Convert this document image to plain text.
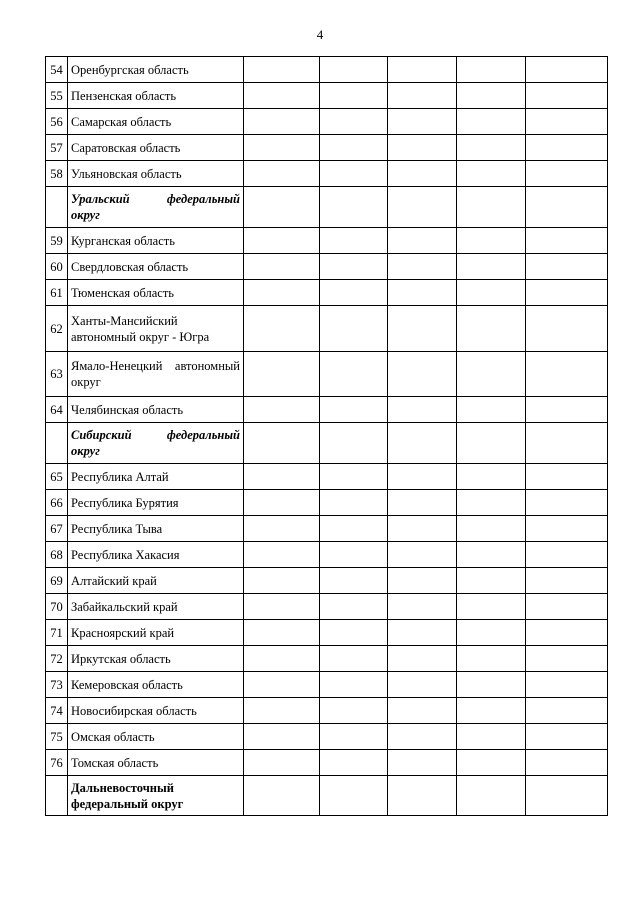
4
54	Оренбургская область					
55	Пензенская область					
56	Самарская область					
57	Саратовская область					
58	Ульяновская область					

	Уральский федеральный
округ					

59	Курганская область					
60	Свердловская область					
61	Тюменская область					
62	Ханты-Мансийский
автономный округ - Югра					

63	Ямало-Ненецкий автономный
округ					

64	Челябинская область					

	Сибирский федеральный
округ					

65	Республика Алтай					
66	Республика Бурятия					
67	Республика Тыва					
68	Республика Хакасия					
69	Алтайский край					
70	Забайкальский край					
71	Красноярский край					
72	Иркутская область					
73	Кемеровская область					
74	Новосибирская область					
75	Омская область					
76	Томская область					

	Дальневосточный
федеральный округ					
